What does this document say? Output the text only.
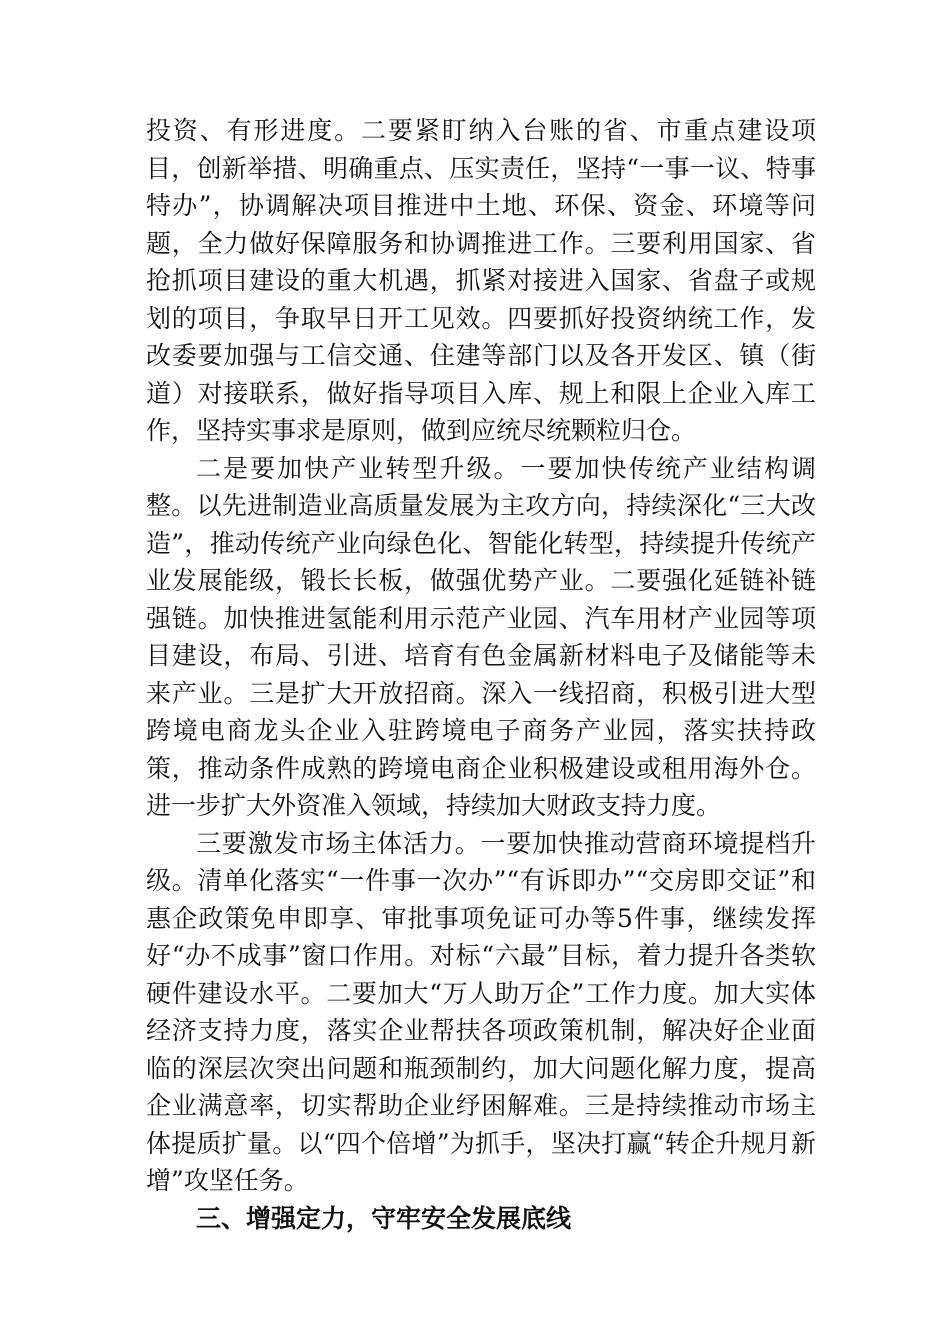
投资、有形进度。二要紧盯纳入台账的省、市重点建设项目，创新举措、明确重点、压实责任，坚持“一事一议、特事特办”，协调解决项目推进中土地、环保、资金、环境等问题，全力做好保障服务和协调推进工作。三要利用国家、省抢抓项目建设的重大机遇，抓紧对接进入国家、省盘子或规划的项目，争取早日开工见效。四要抓好投资纳统工作，发改委要加强与工信交通、住建等部门以及各开发区、镇（街道）对接联系，做好指导项目入库、规上和限上企业入库工作，坚持实事求是原则，做到应统尽统颗粒归仓。

二是要加快产业转型升级。一要加快传统产业结构调整。以先进制造业高质量发展为主攻方向，持续深化“三大改造”，推动传统产业向绿色化、智能化转型，持续提升传统产业发展能级，锻长长板，做强优势产业。二要强化延链补链强链。加快推进氢能利用示范产业园、汽车用材产业园等项目建设，布局、引进、培育有色金属新材料电子及储能等未来产业。三是扩大开放招商。深入一线招商，积极引进大型跨境电商龙头企业入驻跨境电子商务产业园，落实扶持政策，推动条件成熟的跨境电商企业积极建设或租用海外仓。进一步扩大外资准入领域，持续加大财政支持力度。

三要激发市场主体活力。一要加快推动营商环境提档升级。清单化落实“一件事一次办”“有诉即办”“交房即交证”和惠企政策免申即享、审批事项免证可办等5件事，继续发挥好“办不成事”窗口作用。对标“六最”目标，着力提升各类软硬件建设水平。二要加大“万人助万企”工作力度。加大实体经济支持力度，落实企业帮扶各项政策机制，解决好企业面临的深层次突出问题和瓶颈制约，加大问题化解力度，提高企业满意率，切实帮助企业纾困解难。三是持续推动市场主体提质扩量。以“四个倍增”为抓手，坚决打赢“转企升规月新增”攻坚任务。

三、增强定力，守牢安全发展底线
